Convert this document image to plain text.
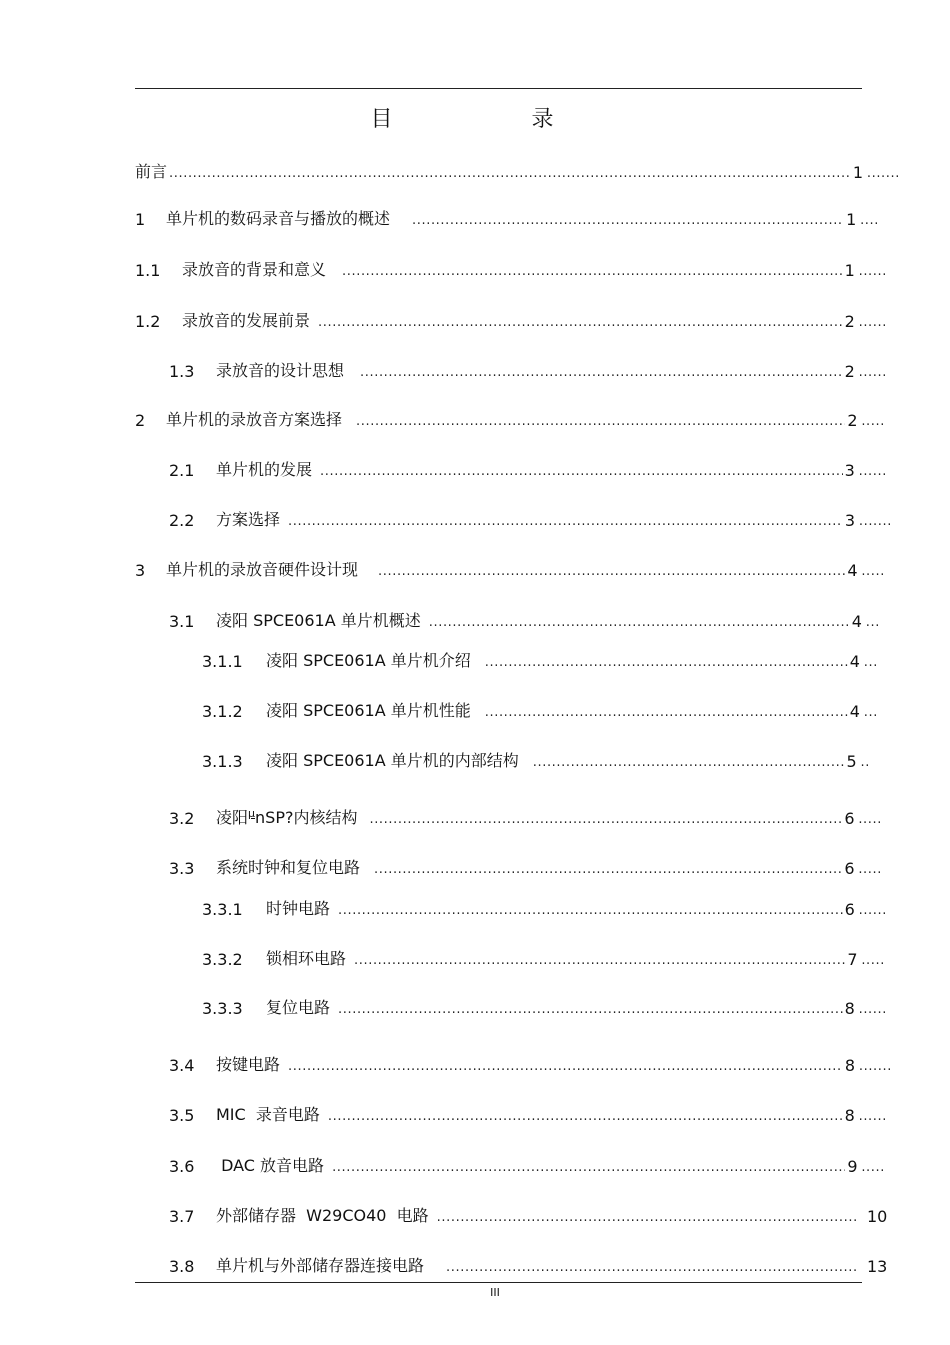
目 录
前言 .....	1 .......
1	单片机的数码录音与播放的概述 .....	1 ....
1.1	录放音的背景和意义 .....	1 ......
1.2	录放音的发展前景 .....	2 ......
1.3	录放音的设计思想 .....	2 ......
2	单片机的录放音方案选择 .....	2 .....
2.1	单片机的发展 .....	3 ......
2.2	方案选择 .....	3 .......
3	单片机的录放音硬件设计现 .....	4 .....
3.1	凌阳 SPCE061A 单片机概述 .....	4 ...
3.1.1	凌阳 SPCE061A 单片机介绍 .....	4 ...
3.1.2	凌阳 SPCE061A 单片机性能 .....	4 ...
3.1.3	凌阳 SPCE061A 单片机的内部结构 .....	5 ..
3.2	凌阳$^\mu$nSP?内核结构 .....	6 .....
3.3	系统时钟和复位电路 .....	6 .....
3.3.1	时钟电路 .....	6 ......
3.3.2	锁相环电路 .....	7 .....
3.3.3	复位电路 .....	8 ......
3.4	按键电路 .....	8 .......
3.5	MIC  录音电路 .....	8 ......
3.6	DAC 放音电路 .....	9 .....
3.7	外部储存器  W29CO40  电路 .....	10
3.8	单片机与外部储存器连接电路 .....	13
III
